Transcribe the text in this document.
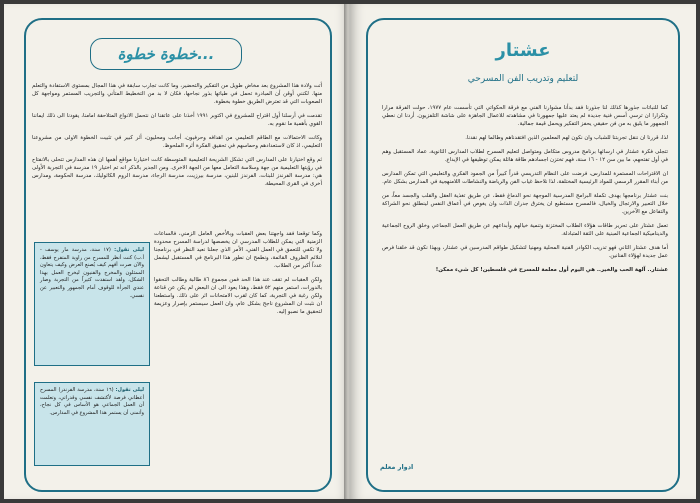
خطوة خطوة...

أتت ولادة هذا المشروع بعد مخاض طويل من التفكير والتحضير، وما كانت تجارب سابقة في هذا المجال بمستوى الاستفادة والتعلم منها. لكنني أوقن أن المبادرة تحمل في طياتها بذور نجاحها، فكان لا بد من التخطيط المتأني والتجريب المستمر ومواجهة كل الصعوبات التي قد تعترض الطريق خطوة بخطوة.

تقدمت في أرسلنا أول اقتراح للمشروع في اكتوبر ١٩٩١ أخذنا على عاتقنا ان نتحمل الانواع المتلاحقة امامنا، يقودنا الى ذلك ايماننا القوي بأهمية ما نقوم به.

وكانت الاحتمالات مع الطاقم التعليمي من اهدافه وحرفيون، أجانب ومحليون، أثر كبير في تثبيت الخطوة الاولى من مشروعنا التعليمي، اذ كان لاستعدادهم وحماسهم في تحقيق الفكرة أثره الملحوظ.

ثم وقع اختيارنا على المدارس التي تشكل الشريحة التعليمية المتوسطة كانت اختيارنا مواقع أهمها ان هذه المدارس تتحلى بالانفتاح في رؤيتها التعليمية من جهة وسلاسة التعامل معها من الجهة الاخرى. ومن الجدير بالذكر انه تم اختيار ١٩ مدرسة في التجربة الأولى هي: مدرسة الفرندز للبنات، الفرندز للبنين، مدرسة بيرزيت، مدرسة الرجاء، مدرسة الروم الكاثوليك، مدرسة الحكومة، ومدارس أخرى في القرى المحيطة.

وكما توقعنا فقد واجهتنا بعض العقبات وبالأخص العامل الزمني، فالساعات الزمنية التي يمكن للطلاب المدرسي ان يخصصها لدراسة المسرح محدودة ولا تكفي للتعمق في العمل الفني، الأمر الذي جعلنا نعيد النظر في برنامجنا لنلائم الظروف القائمة، ونطمح ان نطور هذا البرنامج في المستقبل ليشمل عدداً أكبر من الطلاب.

ولكن العقبات لم تقف عند هذا الحد فمن مجموع ٨٦ طالبة وطالب التحقوا بالدورات، استمر منهم ٥٢ فقط، وهذا يعود الى ان البعض لم يكن عن قناعة ولكن رغبة في التجربة، كما كان لقرب الامتحانات اثر على ذلك. واستطعنا ان نثبت ان المشروع ناجح بشكل عام، وان العمل سيستمر بإصرار وعزيمة لتحقيق ما نصبو إليه.

ليلى تقول: (١٧ سنة، مدرسة مار يوسف - أ.ب) كنت أنظر للمسرح من زاوية المتفرج فقط، والآن صرت أفهم كيف يُصنع العرض وكيف يتعاون الممثلون والمخرج والفنيون ليخرج العمل بهذا الشكل، ولقد استفدت كثيراً من التجربة وصار عندي الجرأة للوقوف أمام الجمهور والتعبير عن نفسي.

ليلى تقول: (١٦ سنة، مدرسة الفرندز) المسرح أعطاني فرصة لأكتشف نفسي وقدراتي، وتعلمت أن العمل الجماعي هو الأساس في كل نجاح، وأتمنى أن يستمر هذا المشروع في المدارس.

عشتار
لتعليم وتدريب الفن المسرحي

كما للنباتات جذورها كذلك لنا جذورنا فقد بدأنا مشوارنا الفني مع فرقة الحكواتي التي تأسست عام ١٩٧٧، حولت الفرقة مرارا وتكرارا ان ترسي أسس فنية جديدة لم يعتد عليها جمهورنا في مشاهدته للاعمال الجاهزة على شاشة التلفزيون. أردنا ان نعطي الجمهور ما يليق به من فن حقيقي يحفز التفكير ويحمل قيمة جمالية.

لذا، قررنا ان ننقل تجربتنا للشباب وان نكون لهم المعلمين الذين افتقدناهم وطالما لهم نقدنا.

تتجلى فكرة عشتار في ارسائها برنامج مدروس متكامل ومتواصل لتعليم المسرح لطلاب المدارس الثانوية، عماد المستقبل وهم في أول تفتحهم، ما بين سن ١٢ - ١٦ سنة، فهم تختزن اجسادهم طاقة هائلة يمكن توظيفها في الإبداع.

ان الاقتراحات المستمرة للمدارس، فرضت على النظام التدريسي قدراً كبيراً من الجمود الفكري والتعليمي التي تمكن المدارس من أبناء المقرر الرسمي للمواد الرئيسية المختلفة، لذا نلاحظ غياب الفن والرياضة والنشاطات اللامنهجية في المدارس بشكل عام.

بنت عشتار برنامجها بهدف تكملة البرامج المدرسية الموجهة نحو الدماغ فقط، عن طريق تغذية العقل والقلب والجسد معاً، من خلال التعبير والارتجال والخيال، فالمسرح مستطيع ان يخترق جدران الذات وان يغوص في أعماق النفس لينطلق نحو الشراكة والتفاعل مع الآخرين.

تعمل عشتار على تحرير طاقات هؤلاء الطلاب المختزنة وتنمية خيالهم وأبداعهم عن طريق العمل الجماعي وخلق الروح الجماعية والديناميكية الجماعية المبنية على الثقة المتبادلة.

أما هدف عشتار الثاني فهو تدريب الكوادر الفنية المحلية ومهنيا لتشكيل طواقم المدرسين في عشتار، وبهذا نكون قد خلقنا فرص عمل جديدة لهؤلاء الفنانين.

عشتار.. آلهة الحب والخير.. هي اليوم أول معلمة للمسرح في فلسطين! كل شيء ممكن!

ادوار معلم
